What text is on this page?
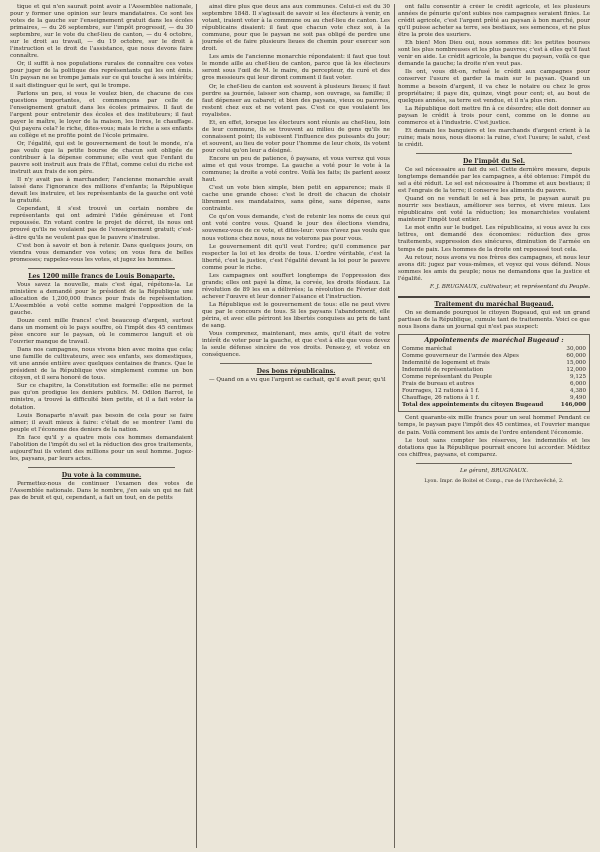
tique et qui n'en saurait point avoir a l'Assemblée nationale, pour y former une opinion sur leurs mandataires. Ce sont les votes de la gauche sur l'enseignement gratuit dans les écoles primaires, — du 26 septembre, sur l'impôt progressif, — du 30 septembre, sur le vote du chef-lieu de canton, — du 4 octobre, sur le droit au travail, — du 19 octobre, sur le droit à l'instruction et le droit de l'assistance, que nous devons faire connaître.

Or, il suffit à nos populations rurales de connaître ces votes pour juger de la politique des représentants qui les ont émis. Un paysan ne se trompe jamais sur ce qui touche à ses intérêts; il sait distinguer qui le sert, qui le trompe.

Parlons un peu, si vous le voulez bien, de chacune de ces questions importantes, et commençons par celle de l'enseignement gratuit dans les écoles primaires. Il faut de l'argent pour entretenir des écoles et des instituteurs; il faut payer le maître, le loyer de la maison, les livres, le chauffage. Qui payera cela? le riche, dites-vous; mais le riche a ses enfants au collège et ne profite point de l'école primaire.

Or, l'égalité, qui est le gouvernement de tout le monde, n'a pas voulu que la petite bourse de chacun soit obligée de contribuer à la dépense commune; elle veut que l'enfant du pauvre soit instruit aux frais de l'État, comme celui du riche est instruit aux frais de son père.

Il n'y avait pas à marchander; l'ancienne monarchie avait laissé dans l'ignorance des millions d'enfants; la République devait les instruire, et les représentants de la gauche ont voté la gratuité.

Cependant, il s'est trouvé un certain nombre de représentants qui ont admiré l'idée généreuse et l'ont repoussée. En votant contre le projet de décret, ils nous ont prouvé qu'ils ne voulaient pas de l'enseignement gratuit; c'est-à-dire qu'ils ne veulent pas que le pauvre s'instruise.

C'est bon à savoir et bon à retenir. Dans quelques jours, on viendra vous demander vos votes; on vous fera de belles promesses; rappelez-vous les votes, et jugez les hommes.

Les 1200 mille francs de Louis Bonaparte.

Vous savez la nouvelle, mais c'est égal, répétons-la. Le ministère a demandé pour le président de la République une allocation de 1,200,000 francs pour frais de représentation. L'Assemblée a voté cette somme malgré l'opposition de la gauche.

Douze cent mille francs! c'est beaucoup d'argent, surtout dans un moment où le pays souffre, où l'impôt des 45 centimes pèse encore sur le paysan, où le commerce languit et où l'ouvrier manque de travail.

Dans nos campagnes, nous vivons bien avec moins que cela; une famille de cultivateurs, avec ses enfants, ses domestiques, vit une année entière avec quelques centaines de francs. Que le président de la République vive simplement comme un bon citoyen, et il sera honoré de tous.

Sur ce chapitre, la Constitution est formelle: elle ne permet pas qu'on prodigue les deniers publics. M. Odilon Barrot, le ministre, a trouvé la difficulté bien petite, et il a fait voter la dotation.

Louis Bonaparte n'avait pas besoin de cela pour se faire aimer; il avait mieux à faire: c'était de se montrer l'ami du peuple et l'économe des deniers de la nation.

En face qu'il y a quatre mois ces hommes demandaient l'abolition de l'impôt du sel et la réduction des gros traitements, aujourd'hui ils votent des millions pour un seul homme. Jugez-les, paysans, par leurs actes.

Du vote à la commune.

Permettez-nous de continuer l'examen des votes de l'Assemblée nationale. Dans le nombre, j'en sais un qui ne fait pas de bruit et qui, cependant, a fait un tout, en de petits

ainsi dire plus que deux ans aux communes. Celui-ci est du 30 septembre 1848. Il s'agissait de savoir si les électeurs à venir, en votant, iraient voter à la commune ou au chef-lieu de canton. Les républicains disaient: il faut que chacun vote chez soi, à la commune, pour que le paysan ne soit pas obligé de perdre une journée et de faire plusieurs lieues de chemin pour exercer son droit.

Les amis de l'ancienne monarchie répondaient: il faut que tout le monde aille au chef-lieu de canton, parce que là les électeurs seront sous l'œil de M. le maire, du percepteur, du curé et des gros messieurs qui leur diront comment il faut voter.

Or, le chef-lieu de canton est souvent à plusieurs lieues; il faut perdre sa journée, laisser son champ, son ouvrage, sa famille; il faut dépenser au cabaret; et bien des paysans, vieux ou pauvres, restent chez eux et ne votent pas. C'est ce que voulaient les royalistes.

Et, en effet, lorsque les électeurs sont réunis au chef-lieu, loin de leur commune, ils se trouvent au milieu de gens qu'ils ne connaissent point; ils subissent l'influence des puissants du jour; et souvent, au lieu de voter pour l'homme de leur choix, ils votent pour celui qu'on leur a désigné.

Encore un peu de patience, ô paysans, et vous verrez qui vous aime et qui vous trompe. La gauche a voté pour le vote à la commune; la droite a voté contre. Voilà les faits; ils parlent assez haut.

C'est un vote bien simple, bien petit en apparence; mais il cache une grande chose: c'est le droit de chacun de choisir librement ses mandataires, sans gêne, sans dépense, sans contrainte.

Ce qu'on vous demande, c'est de retenir les noms de ceux qui ont voté contre vous. Quand le jour des élections viendra, souvenez-vous de ce vote, et dites-leur: vous n'avez pas voulu que nous votions chez nous, nous ne voterons pas pour vous.

Le gouvernement dit qu'il veut l'ordre; qu'il commence par respecter la loi et les droits de tous. L'ordre véritable, c'est la liberté, c'est la justice, c'est l'égalité devant la loi pour le pauvre comme pour le riche.

Les campagnes ont souffert longtemps de l'oppression des grands; elles ont payé la dîme, la corvée, les droits féodaux. La révolution de 89 les en a délivrées; la révolution de Février doit achever l'œuvre et leur donner l'aisance et l'instruction.

La République est le gouvernement de tous: elle ne peut vivre que par le concours de tous. Si les paysans l'abandonnent, elle périra, et avec elle périront les libertés conquises au prix de tant de sang.

Vous comprenez, maintenant, mes amis, qu'il était de votre intérêt de voter pour la gauche, et que c'est à elle que vous devez la seule défense sincère de vos droits. Pensez-y, et votez en conséquence.

Des bons républicains.

— Quand on a vu que l'argent se cachait, qu'il avait peur, qu'il

ont fallu consentir à créer le crédit agricole, et les plusieurs années de pénurie qu'ont subies nos campagnes seraient finies. Le crédit agricole, c'est l'argent prêté au paysan à bon marché, pour qu'il puisse acheter sa terre, ses bestiaux, ses semences, et ne plus être la proie des usuriers.

Eh bien! Mon Dieu oui, nous sommes dit: les petites bourses sont les plus nombreuses et les plus pauvres; c'est à elles qu'il faut venir en aide. Le crédit agricole, la banque du paysan, voilà ce que demande la gauche; la droite n'en veut pas.

Ils ont, vous dit-on, refusé le crédit aux campagnes pour conserver l'usure et garder la main sur le paysan. Quand un homme a besoin d'argent, il va chez le notaire ou chez le gros propriétaire; il paye dix, quinze, vingt pour cent; et, au bout de quelques années, sa terre est vendue, et il n'a plus rien.

La République doit mettre fin à ce désordre; elle doit donner au paysan le crédit à trois pour cent, comme on le donne au commerce et à l'industrie. C'est justice.

Et demain les banquiers et les marchands d'argent crient à la ruine; mais nous, nous disons: la ruine, c'est l'usure; le salut, c'est le crédit.

De l'impôt du Sel.

Ce sel nécessaire au fait du sel. Cette dernière mesure, depuis longtemps demandée par les campagnes, a été obtenue: l'impôt du sel a été réduit. Le sel est nécessaire à l'homme et aux bestiaux; il est l'engrais de la terre; il conserve les aliments du pauvre.

Quand on ne vendait le sel à bas prix, le paysan aurait pu nourrir ses bestiaux, améliorer ses terres, et vivre mieux. Les républicains ont voté la réduction; les monarchistes voulaient maintenir l'impôt tout entier.

Le mot enfin sur le budget. Les républicains, si vous avez lu ces lettres, ont demandé des économies: réduction des gros traitements, suppression des sinécures, diminution de l'armée en temps de paix. Les hommes de la droite ont repoussé tout cela.

Au retour, nous avons vu nos frères des campagnes, et nous leur avons dit: jugez par vous-mêmes, et voyez qui vous défend. Nous sommes les amis du peuple; nous ne demandons que la justice et l'égalité.

F. J. BRUGNAUX, cultivateur, et représentant du Peuple.

Traitement du maréchal Bugeaud.

On se demande pourquoi le citoyen Bugeaud, qui est un grand partisan de la République, cumule tant de traitements. Voici ce que nous lisons dans un journal qui n'est pas suspect:

Appointements de maréchal Bugeaud :

Comme maréchal	30,000
Comme gouverneur de l'armée des Alpes	60,000
Indemnité de logement et frais	15,000
Indemnité de représentation	12,000
Comme représentant du Peuple	9,125
Frais de bureau et autres	6,000
Fourrages, 12 rations à 1 f.	4,380
Chauffage, 26 rations à 1 f.	9,490
Total des appointements du citoyen Bugeaud	146,000

Cent quarante-six mille francs pour un seul homme! Pendant ce temps, le paysan paye l'impôt des 45 centimes, et l'ouvrier manque de pain. Voilà comment les amis de l'ordre entendent l'économie.

Le tout sans compter les réserves, les indemnités et les dotations que la République pourrait encore lui accorder. Méditez ces chiffres, paysans, et comparez.

Le gérant, BRUGNAUX.

Lyon. Impr. de Boitel et Comp., rue de l'Archevêché, 2.
